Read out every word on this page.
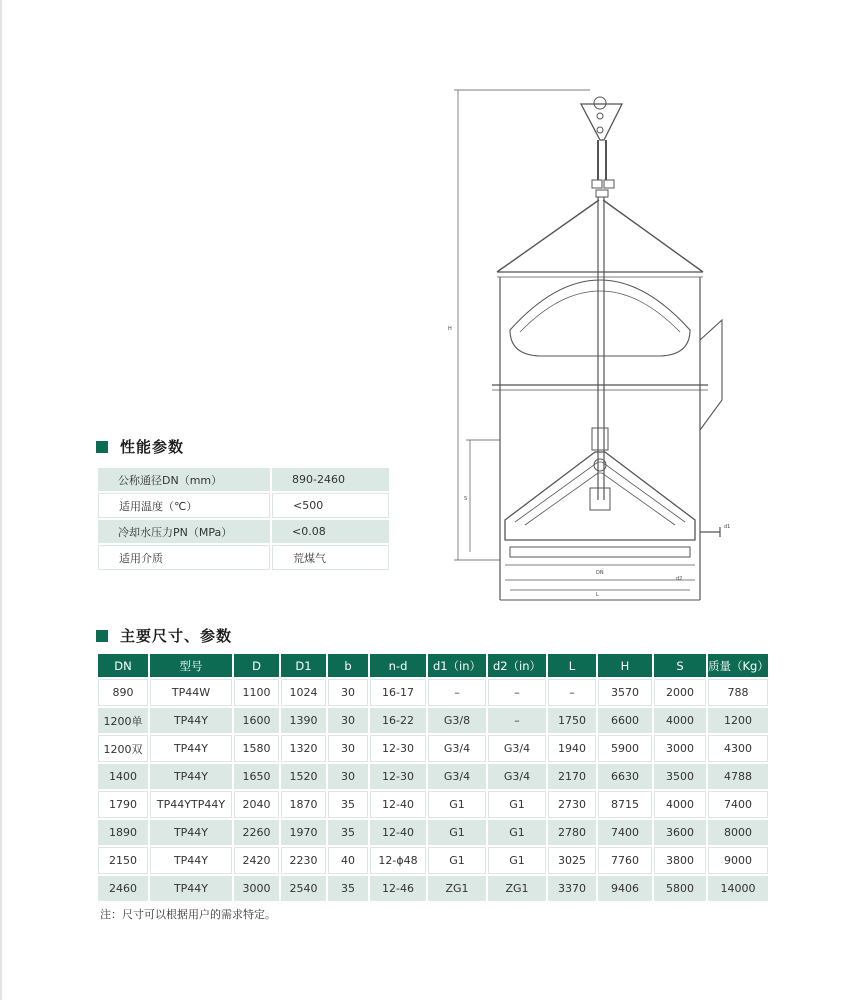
H
S
DN
L
d1
d2
性能参数
公称通径DN（mm）	890-2460
适用温度（℃）	<500
冷却水压力PN（MPa）	<0.08
适用介质	荒煤气
主要尺寸、参数
DN	型号	D	D1	b	n-d	d1（in）	d2（in）	L	H	S	质量（Kg）
890	TP44W	1100	1024	30	16-17	–	–	–	3570	2000	788
1200单	TP44Y	1600	1390	30	16-22	G3/8	–	1750	6600	4000	1200
1200双	TP44Y	1580	1320	30	12-30	G3/4	G3/4	1940	5900	3000	4300
1400	TP44Y	1650	1520	30	12-30	G3/4	G3/4	2170	6630	3500	4788
1790	TP44YTP44Y	2040	1870	35	12-40	G1	G1	2730	8715	4000	7400
1890	TP44Y	2260	1970	35	12-40	G1	G1	2780	7400	3600	8000
2150	TP44Y	2420	2230	40	12-ϕ48	G1	G1	3025	7760	3800	9000
2460	TP44Y	3000	2540	35	12-46	ZG1	ZG1	3370	9406	5800	14000
注：尺寸可以根据用户的需求特定。
